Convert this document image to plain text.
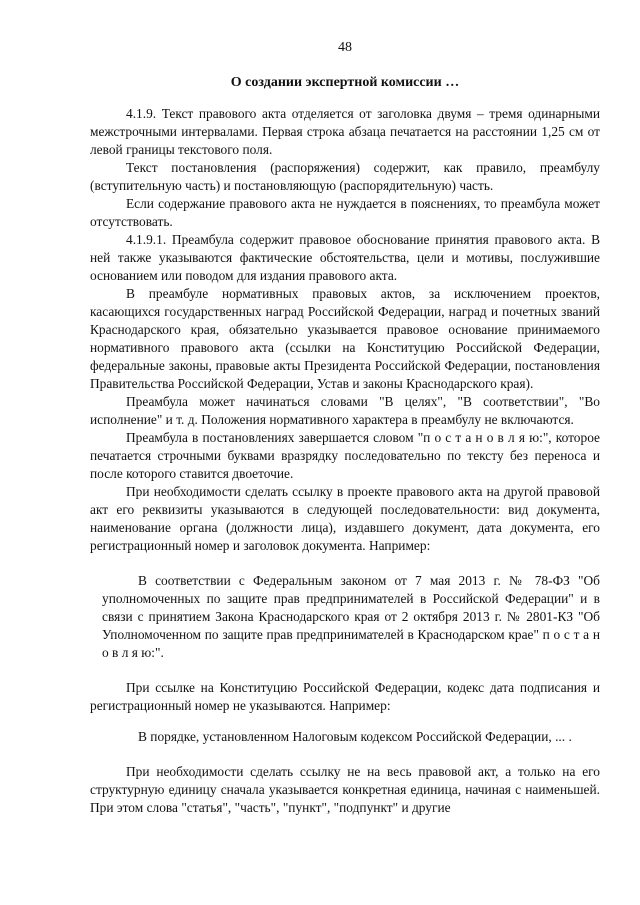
48
О создании экспертной комиссии …

4.1.9. Текст правового акта отделяется от заголовка двумя – тремя одинарными межстрочными интервалами. Первая строка абзаца печатается на расстоянии 1,25 см от левой границы текстового поля.

Текст постановления (распоряжения) содержит, как правило, преамбулу (вступительную часть) и постановляющую (распорядительную) часть.

Если содержание правового акта не нуждается в пояснениях, то преамбула может отсутствовать.

4.1.9.1. Преамбула содержит правовое обоснование принятия правового акта. В ней также указываются фактические обстоятельства, цели и мотивы, послужившие основанием или поводом для издания правового акта.

В преамбуле нормативных правовых актов, за исключением проектов, касающихся государственных наград Российской Федерации, наград и почетных званий Краснодарского края, обязательно указывается правовое основание принимаемого нормативного правового акта (ссылки на Конституцию Российской Федерации, федеральные законы, правовые акты Президента Российской Федерации, постановления Правительства Российской Федерации, Устав и законы Краснодарского края).

Преамбула может начинаться словами "В целях", "В соответствии", "Во исполнение" и т. д. Положения нормативного характера в преамбулу не включаются.

Преамбула в постановлениях завершается словом "п о с т а н о в л я ю:", которое печатается строчными буквами вразрядку последовательно по тексту без переноса и после которого ставится двоеточие.

При необходимости сделать ссылку в проекте правового акта на другой правовой акт его реквизиты указываются в следующей последовательности: вид документа, наименование органа (должности лица), издавшего документ, дата документа, его регистрационный номер и заголовок документа. Например:

В соответствии с Федеральным законом от 7 мая 2013 г. № 78-ФЗ "Об уполномоченных по защите прав предпринимателей в Российской Федерации" и в связи с принятием Закона Краснодарского края от 2 октября 2013 г. № 2801-КЗ "Об Уполномоченном по защите прав предпринимателей в Краснодарском крае" п о с т а н о в л я ю:".

При ссылке на Конституцию Российской Федерации, кодекс дата подписания и регистрационный номер не указываются. Например:

В порядке, установленном Налоговым кодексом Российской Федерации, ... .

При необходимости сделать ссылку не на весь правовой акт, а только на его структурную единицу сначала указывается конкретная единица, начиная с наименьшей. При этом слова "статья", "часть", "пункт", "подпункт" и другие
